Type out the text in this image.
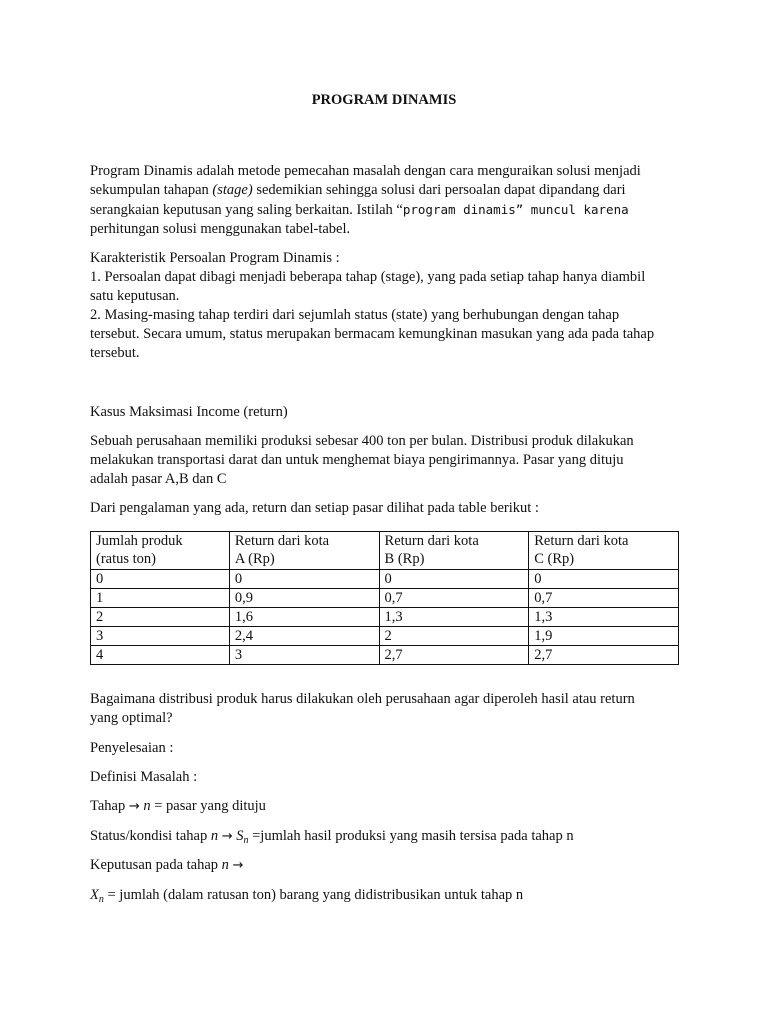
PROGRAM DINAMIS

Program Dinamis adalah metode pemecahan masalah dengan cara menguraikan solusi menjadi
sekumpulan tahapan (stage) sedemikian sehingga solusi dari persoalan dapat dipandang dari
serangkaian keputusan yang saling berkaitan. Istilah “program dinamis” muncul karena
perhitungan solusi menggunakan tabel-tabel.

Karakteristik Persoalan Program Dinamis :
1. Persoalan dapat dibagi menjadi beberapa tahap (stage), yang pada setiap tahap hanya diambil
satu keputusan.
2. Masing-masing tahap terdiri dari sejumlah status (state) yang berhubungan dengan tahap
tersebut. Secara umum, status merupakan bermacam kemungkinan masukan yang ada pada tahap
tersebut.

Kasus Maksimasi Income (return)

Sebuah perusahaan memiliki produksi sebesar 400 ton per bulan. Distribusi produk dilakukan
melakukan transportasi darat dan untuk menghemat biaya pengirimannya. Pasar yang dituju
adalah pasar A,B dan C

Dari pengalaman yang ada, return dan setiap pasar dilihat pada table berikut :

Jumlah produk
(ratus ton)	Return dari kota
A (Rp)	Return dari kota
B (Rp)	Return dari kota
C (Rp)

0	0	0	0
1	0,9	0,7	0,7
2	1,6	1,3	1,3
3	2,4	2	1,9
4	3	2,7	2,7

Bagaimana distribusi produk harus dilakukan oleh perusahaan agar diperoleh hasil atau return
yang optimal?

Penyelesaian :

Definisi Masalah :

Tahap → n = pasar yang dituju

Status/kondisi tahap $n \to S_n$ =jumlah hasil produksi yang masih tersisa pada tahap n

Keputusan pada tahap n →

$X_n$ = jumlah (dalam ratusan ton) barang yang didistribusikan untuk tahap n
